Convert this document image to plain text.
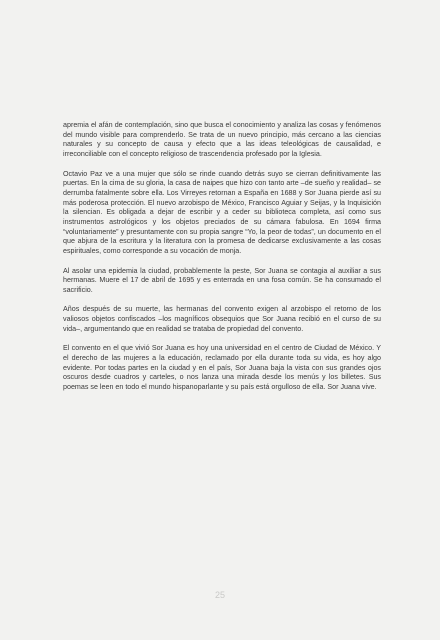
apremia el afán de contemplación, sino que busca el conocimiento y analiza las cosas y fenómenos del mundo visible para comprenderlo. Se trata de un nuevo principio, más cercano a las ciencias naturales y su concepto de causa y efecto que a las ideas teleológicas de causalidad, e irreconciliable con el concepto religioso de trascendencia profesado por la Iglesia.

Octavio Paz ve a una mujer que sólo se rinde cuando detrás suyo se cierran definitivamente las puertas. En la cima de su gloria, la casa de naipes que hizo con tanto arte –de sueño y realidad– se derrumba fatalmente sobre ella. Los Virreyes retornan a España en 1688 y Sor Juana pierde así su más poderosa protección. El nuevo arzobispo de México, Francisco Aguiar y Seijas, y la Inquisición la silencian. Es obligada a dejar de escribir y a ceder su biblioteca completa, así como sus instrumentos astrológicos y los objetos preciados de su cámara fabulosa. En 1694 firma “voluntariamente” y presuntamente con su propia sangre “Yo, la peor de todas”, un documento en el que abjura de la escritura y la literatura con la promesa de dedicarse exclusivamente a las cosas espirituales, como corresponde a su vocación de monja.

Al asolar una epidemia la ciudad, probablemente la peste, Sor Juana se contagia al auxiliar a sus hermanas. Muere el 17 de abril de 1695 y es enterrada en una fosa común. Se ha consumado el sacrificio.

Años después de su muerte, las hermanas del convento exigen al arzobispo el retorno de los valiosos objetos confiscados –los magníficos obsequios que Sor Juana recibió en el curso de su vida–, argumentando que en realidad se trataba de propiedad del convento.

El convento en el que vivió Sor Juana es hoy una universidad en el centro de Ciudad de México. Y el derecho de las mujeres a la educación, reclamado por ella durante toda su vida, es hoy algo evidente. Por todas partes en la ciudad y en el país, Sor Juana baja la vista con sus grandes ojos oscuros desde cuadros y carteles, o nos lanza una mirada desde los menús y los billetes. Sus poemas se leen en todo el mundo hispanoparlante y su país está orgulloso de ella. Sor Juana vive.

25
